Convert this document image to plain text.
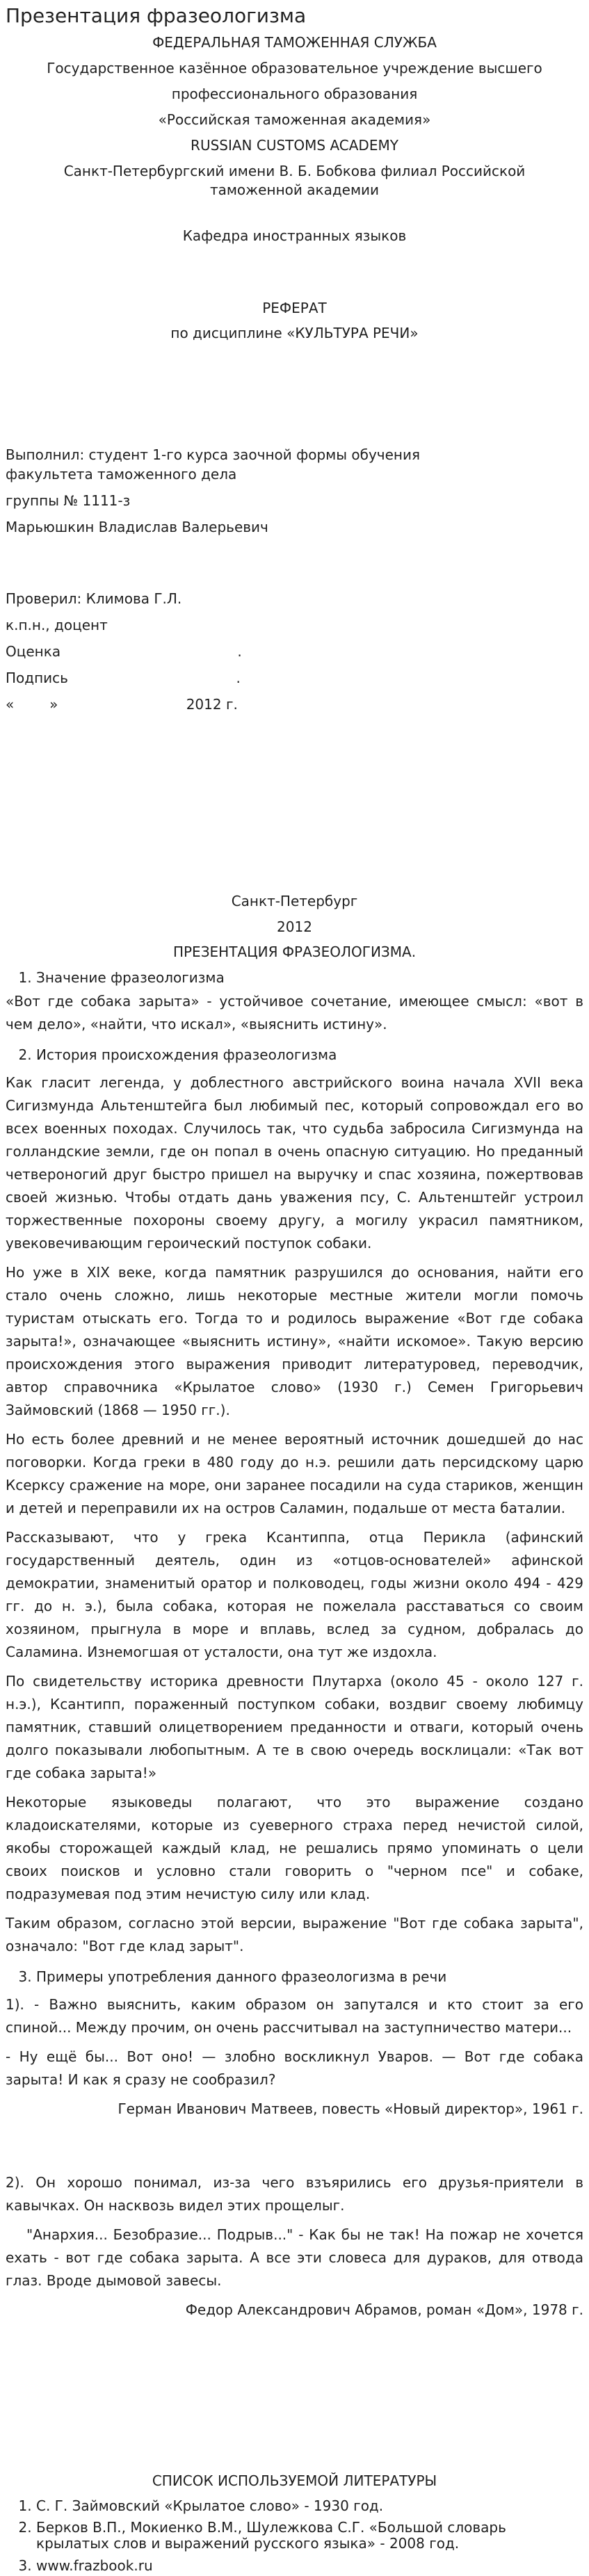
Презентация фразеологизма

ФЕДЕРАЛЬНАЯ ТАМОЖЕННАЯ СЛУЖБА

Государственное казённое образовательное учреждение высшего

профессионального образования

«Российская таможенная академия»

RUSSIAN CUSTOMS ACADEMY

Санкт-Петербургский имени В. Б. Бобкова филиал Российской таможенной академии

Кафедра иностранных языков

РЕФЕРАТ

по дисциплине «КУЛЬТУРА РЕЧИ»

Выполнил: студент 1-го курса заочной формы обучения факультета таможенного дела

группы № 1111-з

Марьюшкин Владислав Валерьевич

Проверил: Климова Г.Л.

к.п.н., доцент

Оценка                                        .

Подпись                                      .

«        »                             2012 г.

Санкт-Петербург

2012

ПРЕЗЕНТАЦИЯ ФРАЗЕОЛОГИЗМА.

1. Значение фразеологизма

«Вот где собака зарыта» - устойчивое сочетание, имеющее смысл: «вот в чем дело», «найти, что искал», «выяснить истину».

2. История происхождения фразеологизма

Как гласит легенда, у доблестного австрийского воина начала XVII века Сигизмунда Альтенштейга был любимый пес, который сопровождал его во всех военных походах. Случилось так, что судьба забросила Сигизмунда на голландские земли, где он попал в очень опасную ситуацию. Но преданный четвероногий друг быстро пришел на выручку и спас хозяина, пожертвовав своей жизнью. Чтобы отдать дань уважения псу, С. Альтенштейг устроил торжественные похороны своему другу, а могилу украсил памятником, увековечивающим героический поступок собаки.

Но уже в XIX веке, когда памятник разрушился до основания, найти его стало очень сложно, лишь некоторые местные жители могли помочь туристам отыскать его. Тогда то и родилось выражение «Вот где собака зарыта!», означающее «выяснить истину», «найти искомое». Такую версию происхождения этого выражения приводит литературовед, переводчик, автор справочника «Крылатое слово» (1930 г.) Семен Григорьевич Займовский (1868 — 1950 гг.).

Но есть более древний и не менее вероятный источник дошедшей до нас поговорки. Когда греки в 480 году до н.э. решили дать персидскому царю Ксерксу сражение на море, они заранее посадили на суда стариков, женщин и детей и переправили их на остров Саламин, подальше от места баталии.

Рассказывают, что у грека Ксантиппа, отца Перикла (афинский государственный деятель, один из «отцов-основателей» афинской демократии, знаменитый оратор и полководец, годы жизни около 494 - 429 гг. до н. э.), была собака, которая не пожелала расставаться со своим хозяином, прыгнула в море и вплавь, вслед за судном, добралась до Саламина. Изнемогшая от усталости, она тут же издохла.

По свидетельству историка древности Плутарха (около 45 - около 127 г. н.э.), Ксантипп, пораженный поступком собаки, воздвиг своему любимцу памятник, ставший олицетворением преданности и отваги, который очень долго показывали любопытным. А те в свою очередь восклицали: «Так вот где собака зарыта!»

Некоторые языковеды полагают, что это выражение создано кладоискателями, которые из суеверного страха перед нечистой силой, якобы сторожащей каждый клад, не решались прямо упоминать о цели своих поисков и условно стали говорить о "черном псе" и собаке, подразумевая под этим нечистую силу или клад.

Таким образом, согласно этой версии, выражение "Вот где собака зарыта", означало: "Вот где клад зарыт".

3. Примеры употребления данного фразеологизма в речи

1). - Важно выяснить, каким образом он запутался и кто стоит за его спиной... Между прочим, он очень рассчитывал на заступничество матери...

- Ну ещё бы... Вот оно! — злобно воскликнул Уваров. — Вот где собака зарыта! И как я сразу не сообразил?

Герман Иванович Матвеев, повесть «Новый директор», 1961 г.

2). Он хорошо понимал, из-за чего взъярились его друзья-приятели в кавычках. Он насквозь видел этих прощелыг.

"Анархия... Безобразие... Подрыв..." - Как бы не так! На пожар не хочется ехать - вот где собака зарыта. А все эти словеса для дураков, для отвода глаз. Вроде дымовой завесы.

Федор Александрович Абрамов, роман «Дом», 1978 г.

СПИСОК ИСПОЛЬЗУЕМОЙ ЛИТЕРАТУРЫ

1. С. Г. Займовский «Крылатое слово» - 1930 год.
2. Берков В.П., Мокиенко В.М., Шулежкова С.Г. «Большой словарь крылатых слов и выражений русского языка» - 2008 год.
3. www.frazbook.ru
